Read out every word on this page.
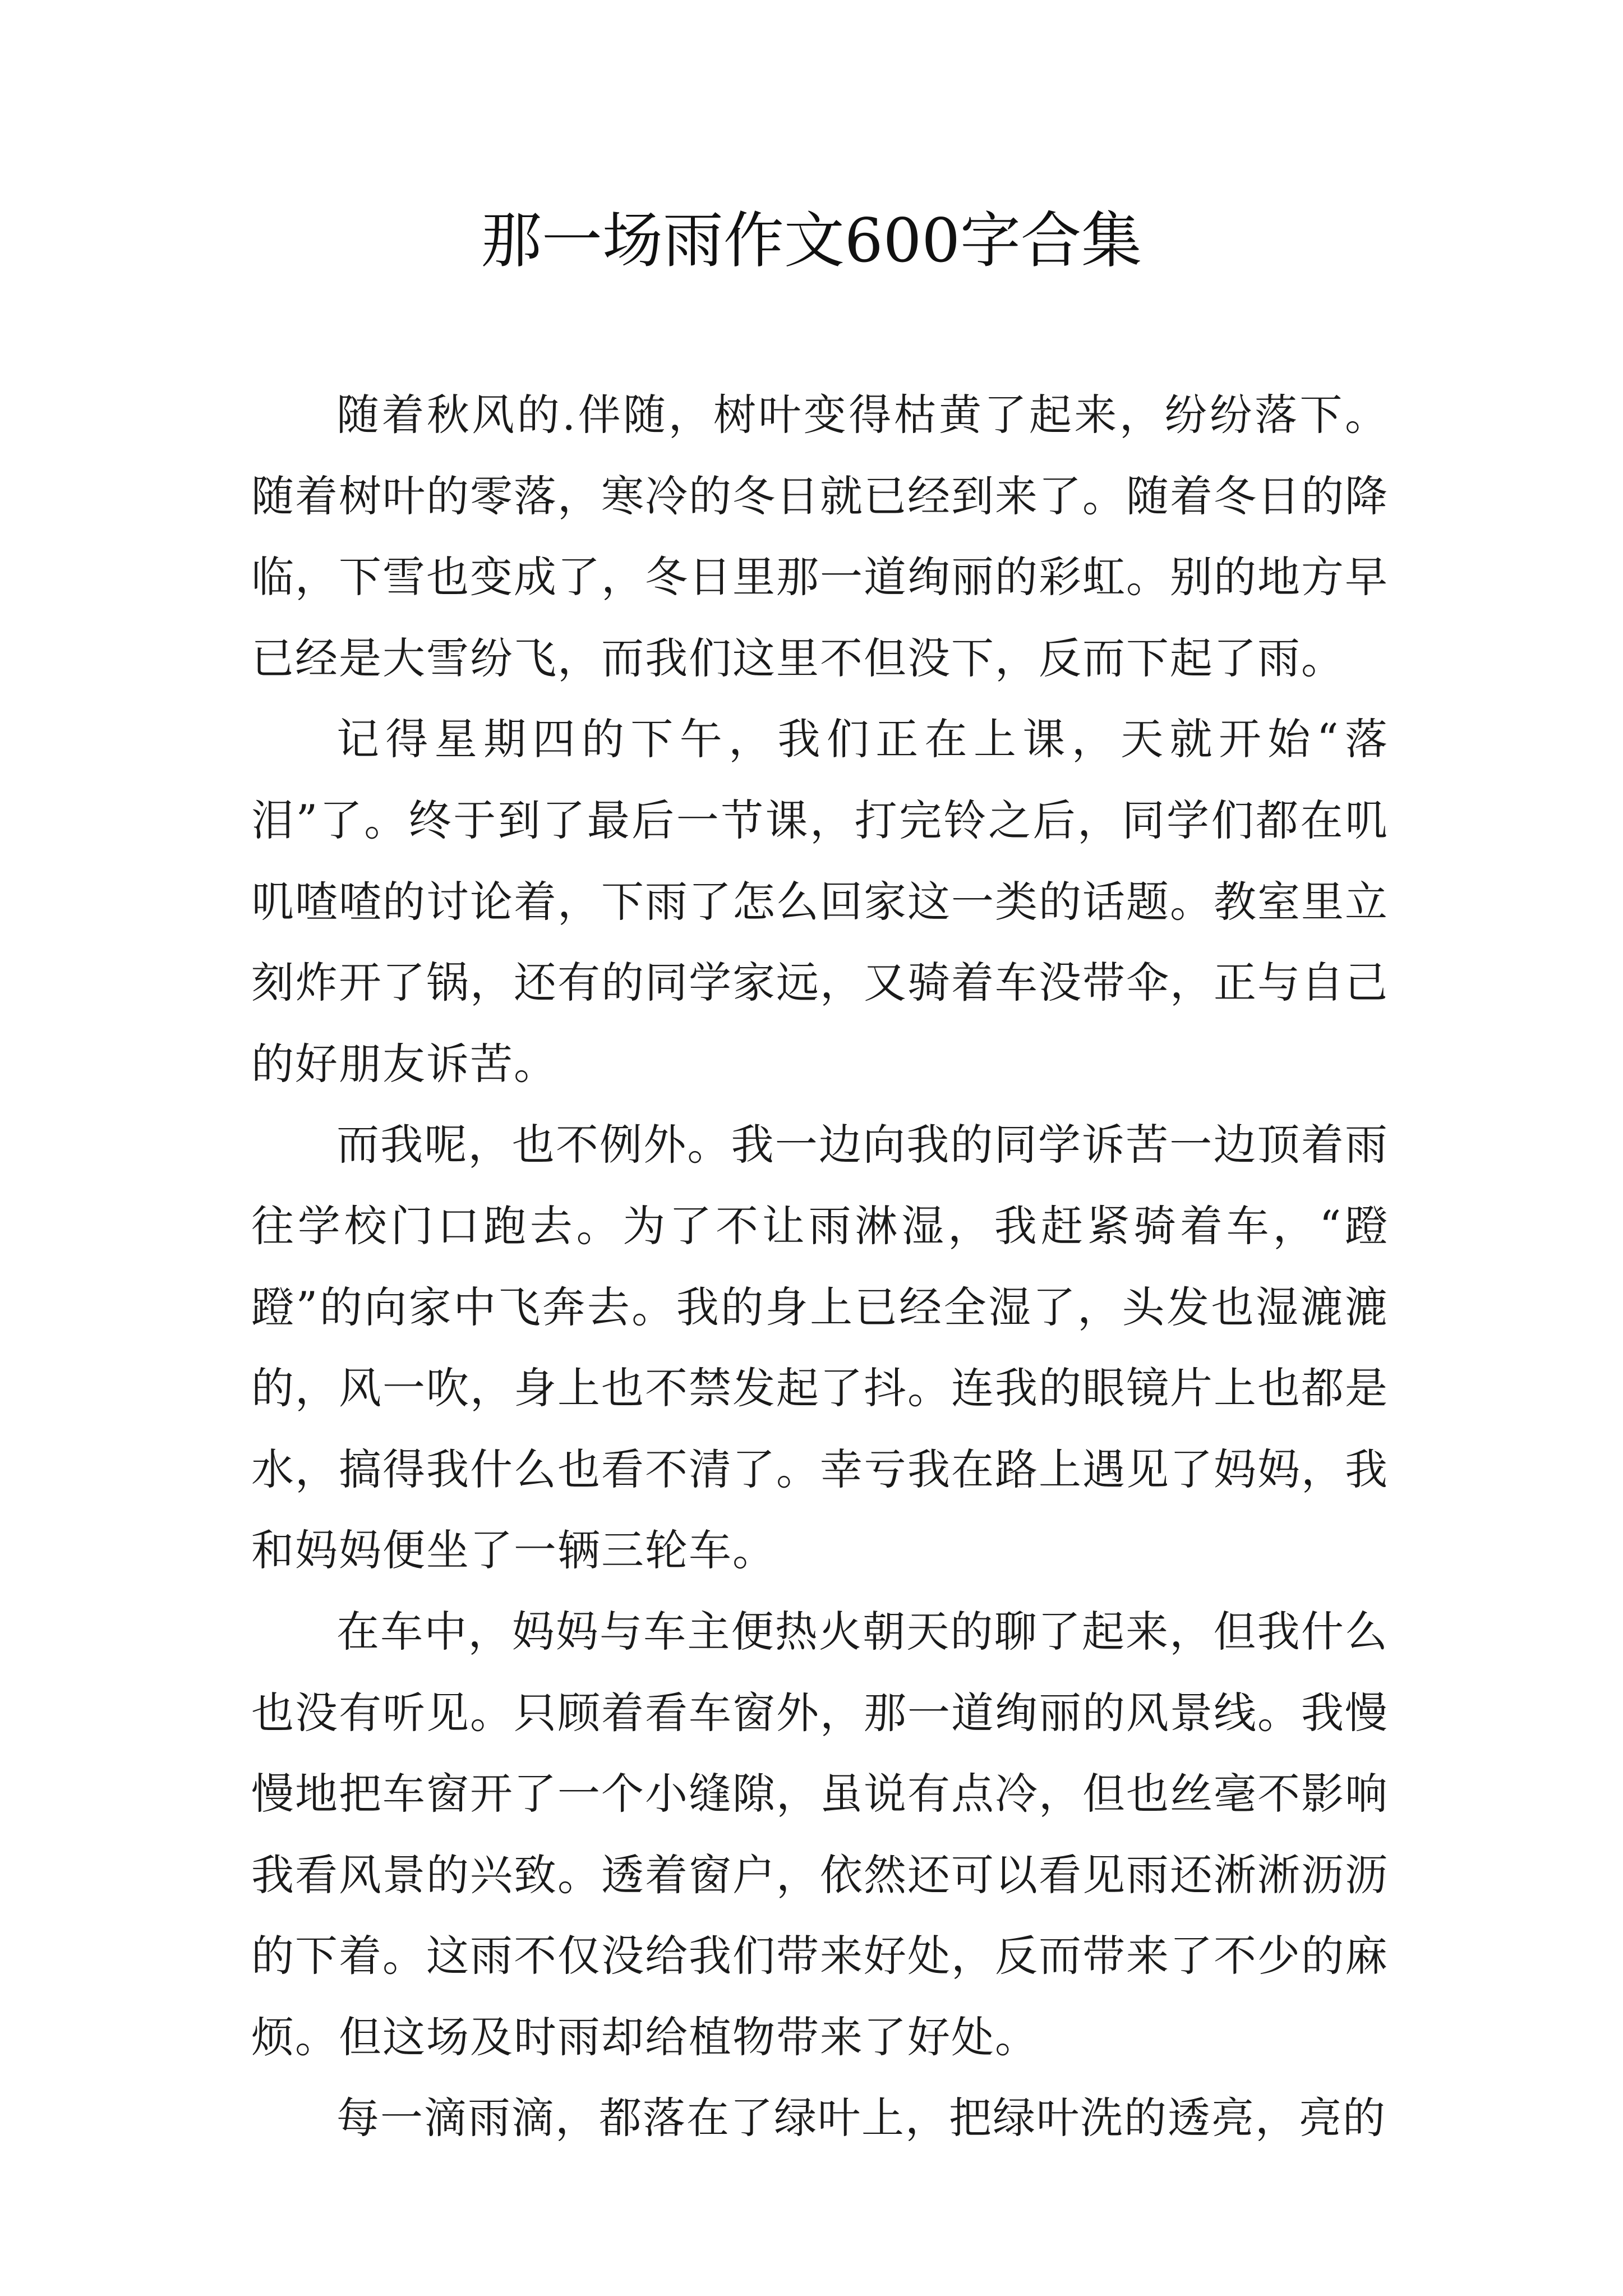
那一场雨作文600字合集

随着秋风的.伴随，树叶变得枯黄了起来，纷纷落下。随着树叶的零落，寒冷的冬日就已经到来了。随着冬日的降临，下雪也变成了，冬日里那一道绚丽的彩虹。别的地方早已经是大雪纷飞，而我们这里不但没下，反而下起了雨。

记得星期四的下午，我们正在上课，天就开始“落泪”了。终于到了最后一节课，打完铃之后，同学们都在叽叽喳喳的讨论着，下雨了怎么回家这一类的话题。教室里立刻炸开了锅，还有的同学家远，又骑着车没带伞，正与自己的好朋友诉苦。

而我呢，也不例外。我一边向我的同学诉苦一边顶着雨往学校门口跑去。为了不让雨淋湿，我赶紧骑着车，“蹬蹬”的向家中飞奔去。我的身上已经全湿了，头发也湿漉漉的，风一吹，身上也不禁发起了抖。连我的眼镜片上也都是水，搞得我什么也看不清了。幸亏我在路上遇见了妈妈，我和妈妈便坐了一辆三轮车。

在车中，妈妈与车主便热火朝天的聊了起来，但我什么也没有听见。只顾着看车窗外，那一道绚丽的风景线。我慢慢地把车窗开了一个小缝隙，虽说有点冷，但也丝毫不影响我看风景的兴致。透着窗户，依然还可以看见雨还淅淅沥沥的下着。这雨不仅没给我们带来好处，反而带来了不少的麻烦。但这场及时雨却给植物带来了好处。

每一滴雨滴，都落在了绿叶上，把绿叶洗的透亮，亮的
